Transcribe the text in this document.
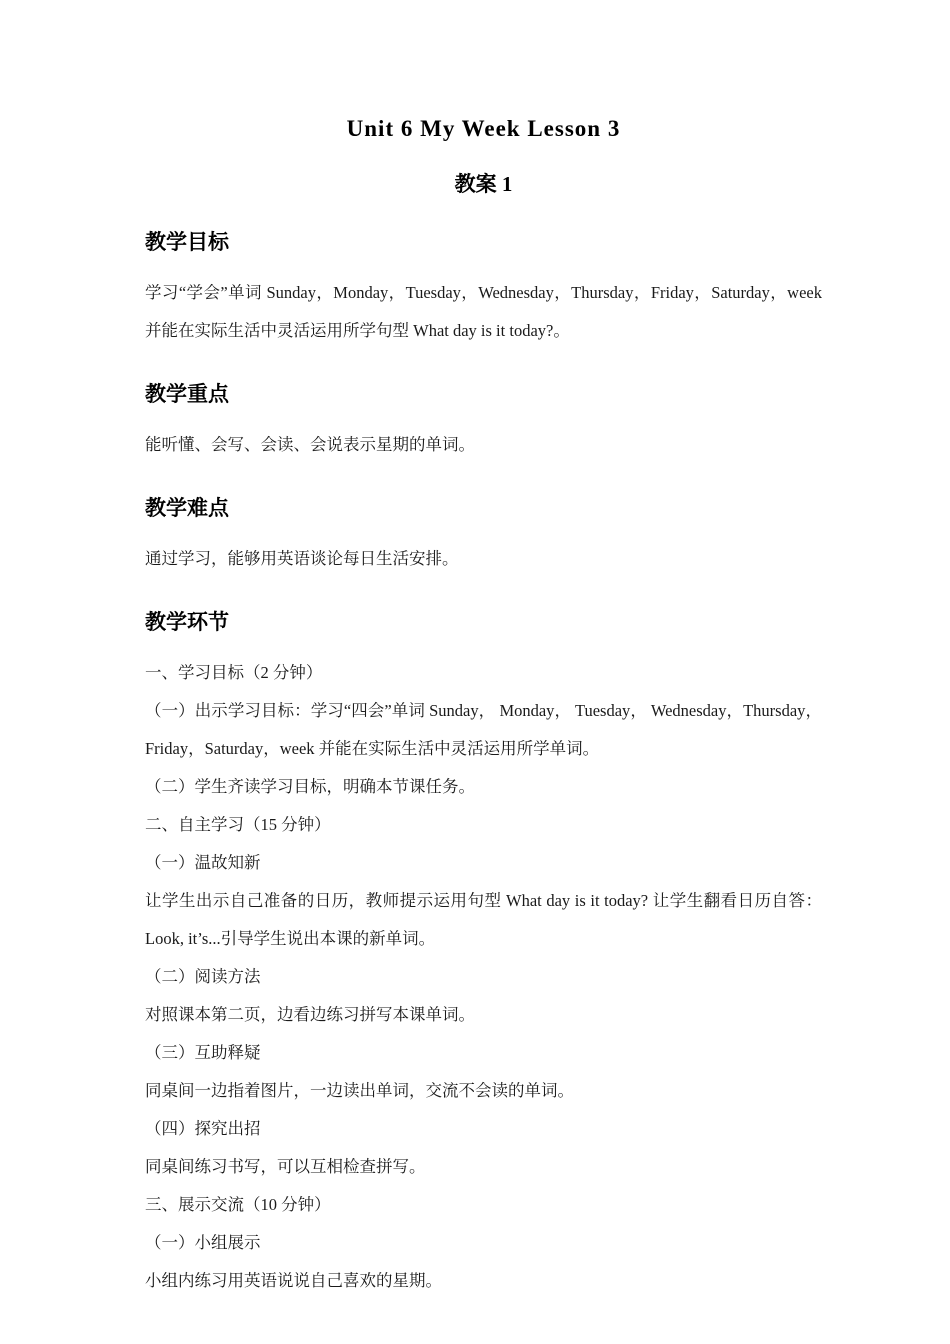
Unit 6 My Week Lesson 3
教案 1
教学目标

学习“学会”单词 Sunday，Monday，Tuesday，Wednesday，Thursday，Friday，Saturday，week 并能在实际生活中灵活运用所学句型 What day is it today?。

教学重点

能听懂、会写、会读、会说表示星期的单词。

教学难点

通过学习，能够用英语谈论每日生活安排。

教学环节

一、学习目标（2 分钟）

（一）出示学习目标：学习“四会”单词 Sunday， Monday， Tuesday， Wednesday，Thursday，Friday，Saturday，week 并能在实际生活中灵活运用所学单词。

（二）学生齐读学习目标，明确本节课任务。

二、自主学习（15 分钟）

（一）温故知新

让学生出示自己准备的日历，教师提示运用句型 What day is it today? 让学生翻看日历自答：Look, it’s...引导学生说出本课的新单词。

（二）阅读方法

对照课本第二页，边看边练习拼写本课单词。

（三）互助释疑

同桌间一边指着图片，一边读出单词，交流不会读的单词。

（四）探究出招

同桌间练习书写，可以互相检查拼写。

三、展示交流（10 分钟）

（一）小组展示

小组内练习用英语说说自己喜欢的星期。
